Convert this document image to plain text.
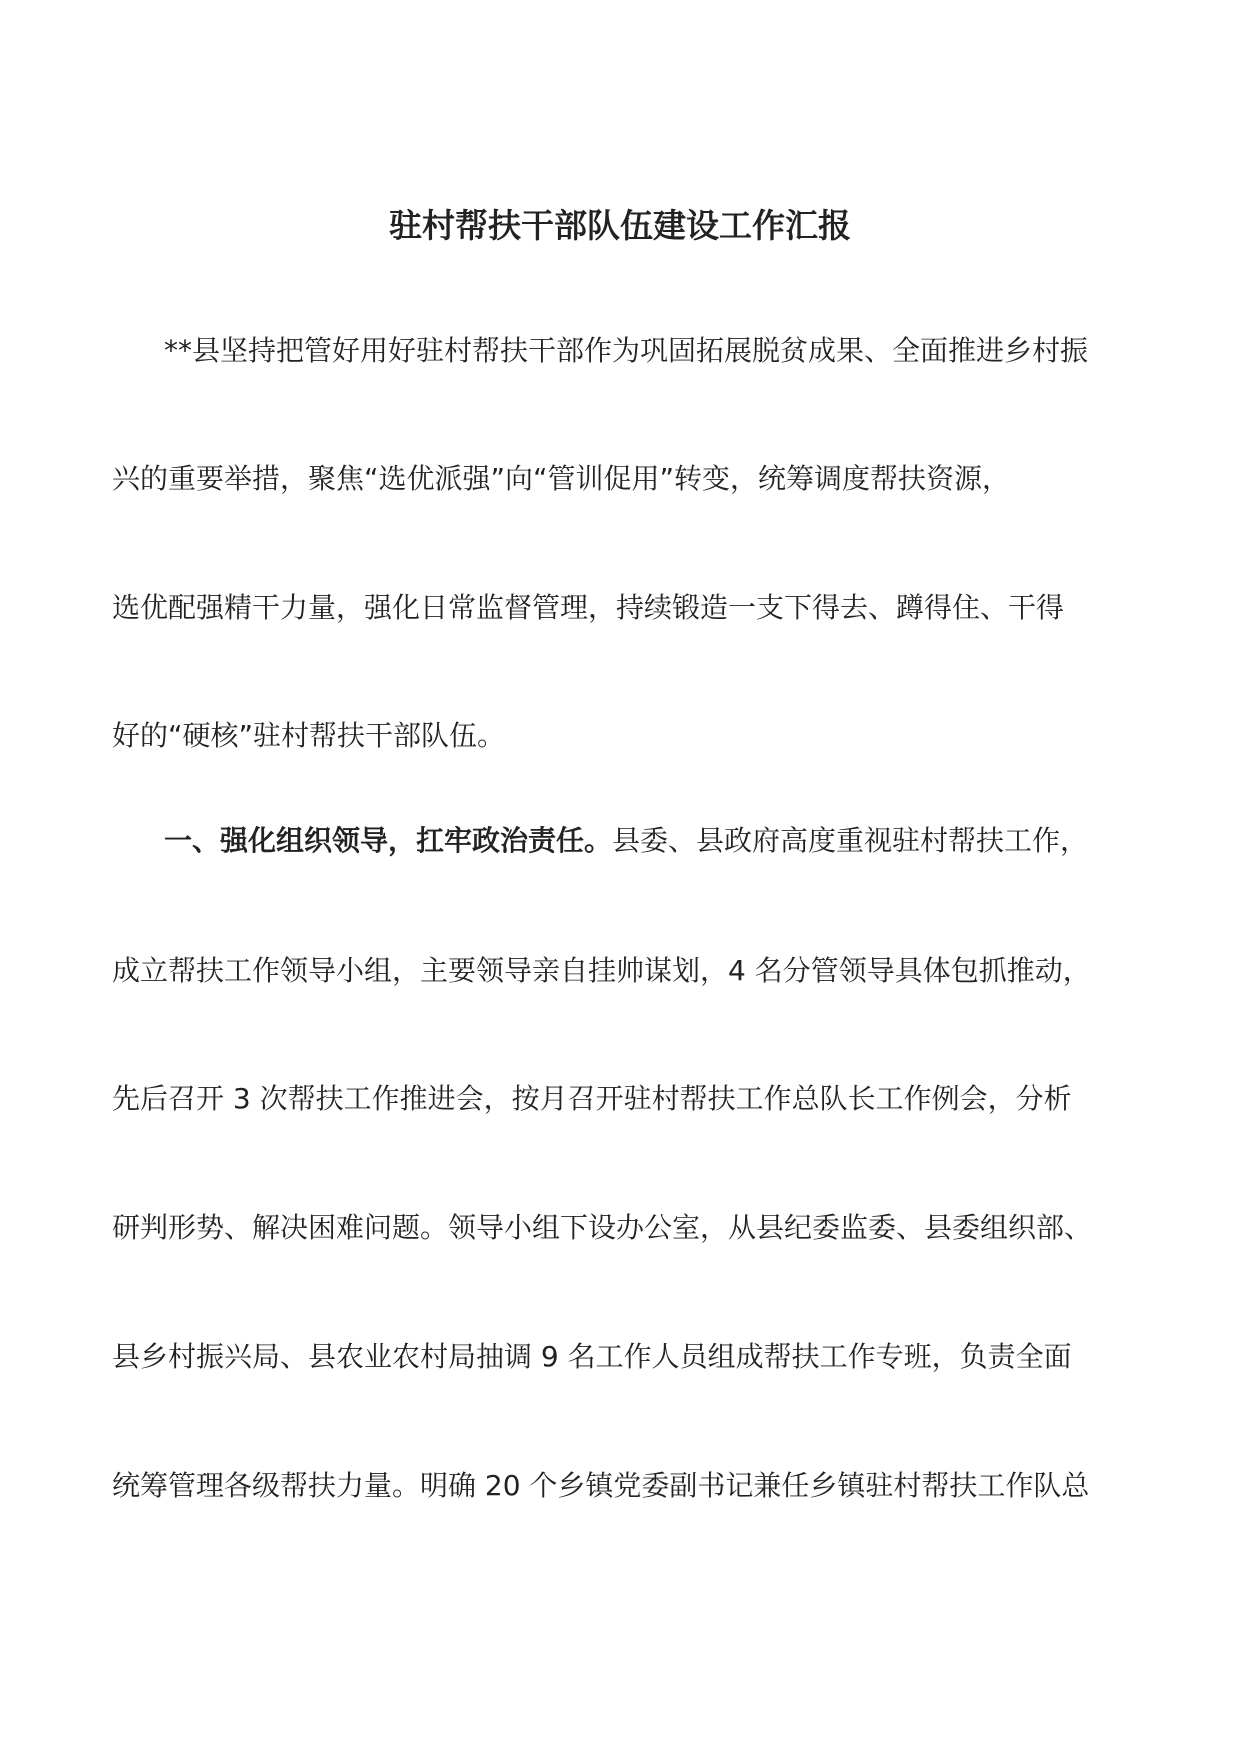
驻村帮扶干部队伍建设工作汇报

**县坚持把管好用好驻村帮扶干部作为巩固拓展脱贫成果、全面推进乡村振

兴的重要举措，聚焦“选优派强”向“管训促用”转变，统筹调度帮扶资源，

选优配强精干力量，强化日常监督管理，持续锻造一支下得去、蹲得住、干得

好的“硬核”驻村帮扶干部队伍。

一、强化组织领导，扛牢政治责任。县委、县政府高度重视驻村帮扶工作，

成立帮扶工作领导小组，主要领导亲自挂帅谋划，4 名分管领导具体包抓推动，

先后召开 3 次帮扶工作推进会，按月召开驻村帮扶工作总队长工作例会，分析

研判形势、解决困难问题。领导小组下设办公室，从县纪委监委、县委组织部、

县乡村振兴局、县农业农村局抽调 9 名工作人员组成帮扶工作专班，负责全面

统筹管理各级帮扶力量。明确 20 个乡镇党委副书记兼任乡镇驻村帮扶工作队总
